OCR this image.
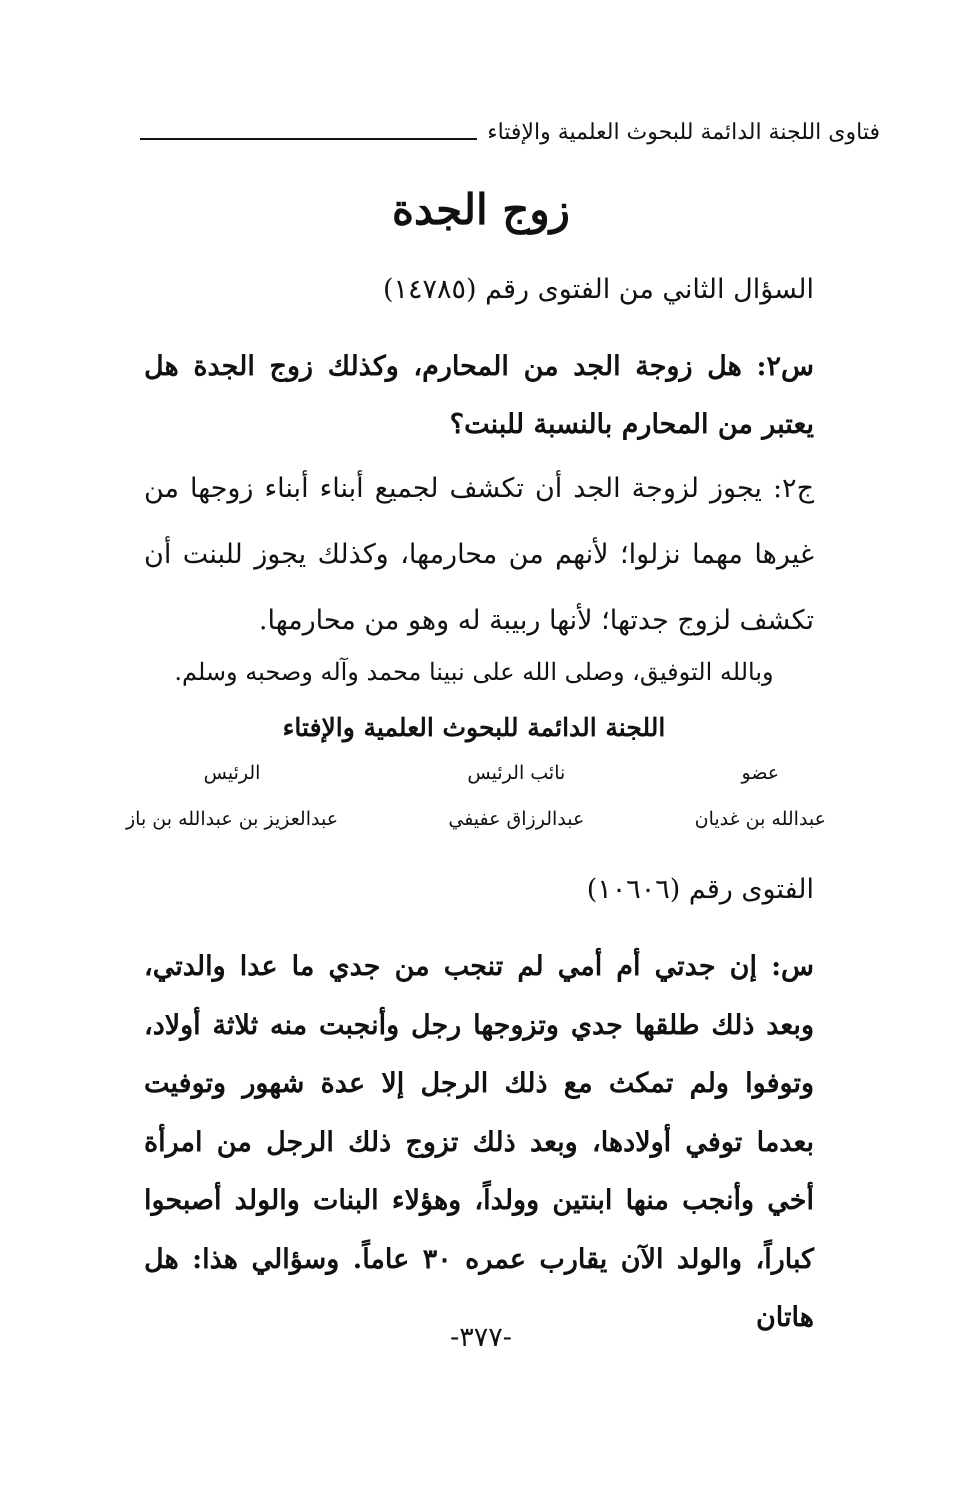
فتاوى اللجنة الدائمة للبحوث العلمية والإفتاء
زوج الجدة
السؤال الثاني من الفتوى رقم (١٤٧٨٥)
س٢: هل زوجة الجد من المحارم، وكذلك زوج الجدة هل يعتبر من المحارم بالنسبة للبنت؟
ج٢: يجوز لزوجة الجد أن تكشف لجميع أبناء أبناء زوجها من غيرها مهما نزلوا؛ لأنهم من محارمها، وكذلك يجوز للبنت أن تكشف لزوج جدتها؛ لأنها ربيبة له وهو من محارمها.
وبالله التوفيق، وصلى الله على نبينا محمد وآله وصحبه وسلم.
اللجنة الدائمة للبحوث العلمية والإفتاء
عضو
عبدالله بن غديان
نائب الرئيس
عبدالرزاق عفيفي
الرئيس
عبدالعزيز بن عبدالله بن باز
الفتوى رقم (١٠٦٠٦)
س: إن جدتي أم أمي لم تنجب من جدي ما عدا والدتي، وبعد ذلك طلقها جدي وتزوجها رجل وأنجبت منه ثلاثة أولاد، وتوفوا ولم تمكث مع ذلك الرجل إلا عدة شهور وتوفيت بعدما توفي أولادها، وبعد ذلك تزوج ذلك الرجل من امرأة أخي وأنجب منها ابنتين وولداً، وهؤلاء البنات والولد أصبحوا كباراً، والولد الآن يقارب عمره ٣٠ عاماً. وسؤالي هذا: هل هاتان
-٣٧٧-
